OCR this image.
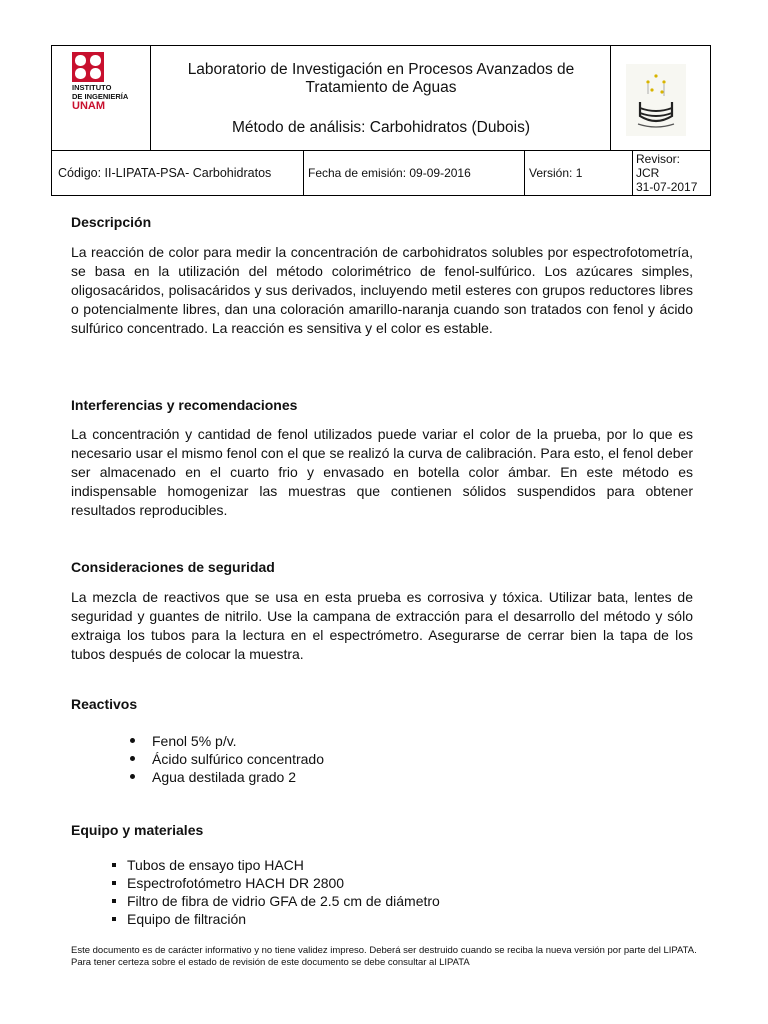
INSTITUTO
DE INGENIERÍA
UNAM
Laboratorio de Investigación en Procesos Avanzados de
Tratamiento de Aguas
Método de análisis: Carbohidratos (Dubois)
Código: II-LIPATA-PSA- Carbohidratos	Fecha de emisión: 09-09-2016	Versión: 1
Revisor:
JCR
31-07-2017
Descripción
La reacción de color para medir la concentración de carbohidratos solubles por espectrofotometría, se basa en la utilización del método colorimétrico de fenol-sulfúrico. Los azúcares simples, oligosacáridos, polisacáridos y sus derivados, incluyendo metil esteres con grupos reductores libres o potencialmente libres, dan una coloración amarillo-naranja cuando son tratados con fenol y ácido sulfúrico concentrado. La reacción es sensitiva y el color es estable.
Interferencias y recomendaciones
La concentración y cantidad de fenol utilizados puede variar el color de la prueba, por lo que es necesario usar el mismo fenol con el que se realizó la curva de calibración. Para esto, el fenol deber ser almacenado en el cuarto frio y envasado en botella color ámbar. En este método es indispensable homogenizar las muestras que contienen sólidos suspendidos para obtener resultados reproducibles.
Consideraciones de seguridad
La mezcla de reactivos que se usa en esta prueba es corrosiva y tóxica. Utilizar bata, lentes de seguridad y guantes de nitrilo. Use la campana de extracción para el desarrollo del método y sólo extraiga los tubos para la lectura en el espectrómetro. Asegurarse de cerrar bien la tapa de los tubos después de colocar la muestra.
Reactivos
Fenol 5% p/v.
Ácido sulfúrico concentrado
Agua destilada grado 2
Equipo y materiales
Tubos de ensayo tipo HACH
Espectrofotómetro HACH DR 2800
Filtro de fibra de vidrio GFA de 2.5 cm de diámetro
Equipo de filtración
Este documento es de carácter informativo y no tiene validez impreso. Deberá ser destruido cuando se reciba la nueva versión por parte del LIPATA. Para tener certeza sobre el estado de revisión de este documento se debe consultar al LIPATA
